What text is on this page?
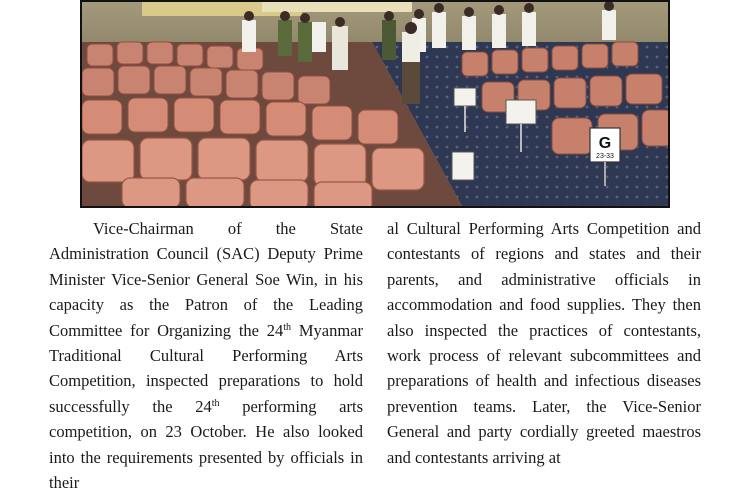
G
23-33

Vice-Chairman of the State Administration Council (SAC) Deputy Prime Minister Vice-Senior General Soe Win, in his capacity as the Patron of the Leading Committee for Organizing the 24th Myanmar Traditional Cultural Performing Arts Competition, inspected preparations to hold successfully the 24th performing arts competition, on 23 October. He also looked into the requirements presented by officials in their

al Cultural Performing Arts Competition and contestants of regions and states and their parents, and administrative officials in accommodation and food supplies. They then also inspected the practices of contestants, work process of relevant subcommittees and preparations of health and infectious diseases prevention teams. Later, the Vice-Senior General and party cordially greeted maestros and contestants arriving at
